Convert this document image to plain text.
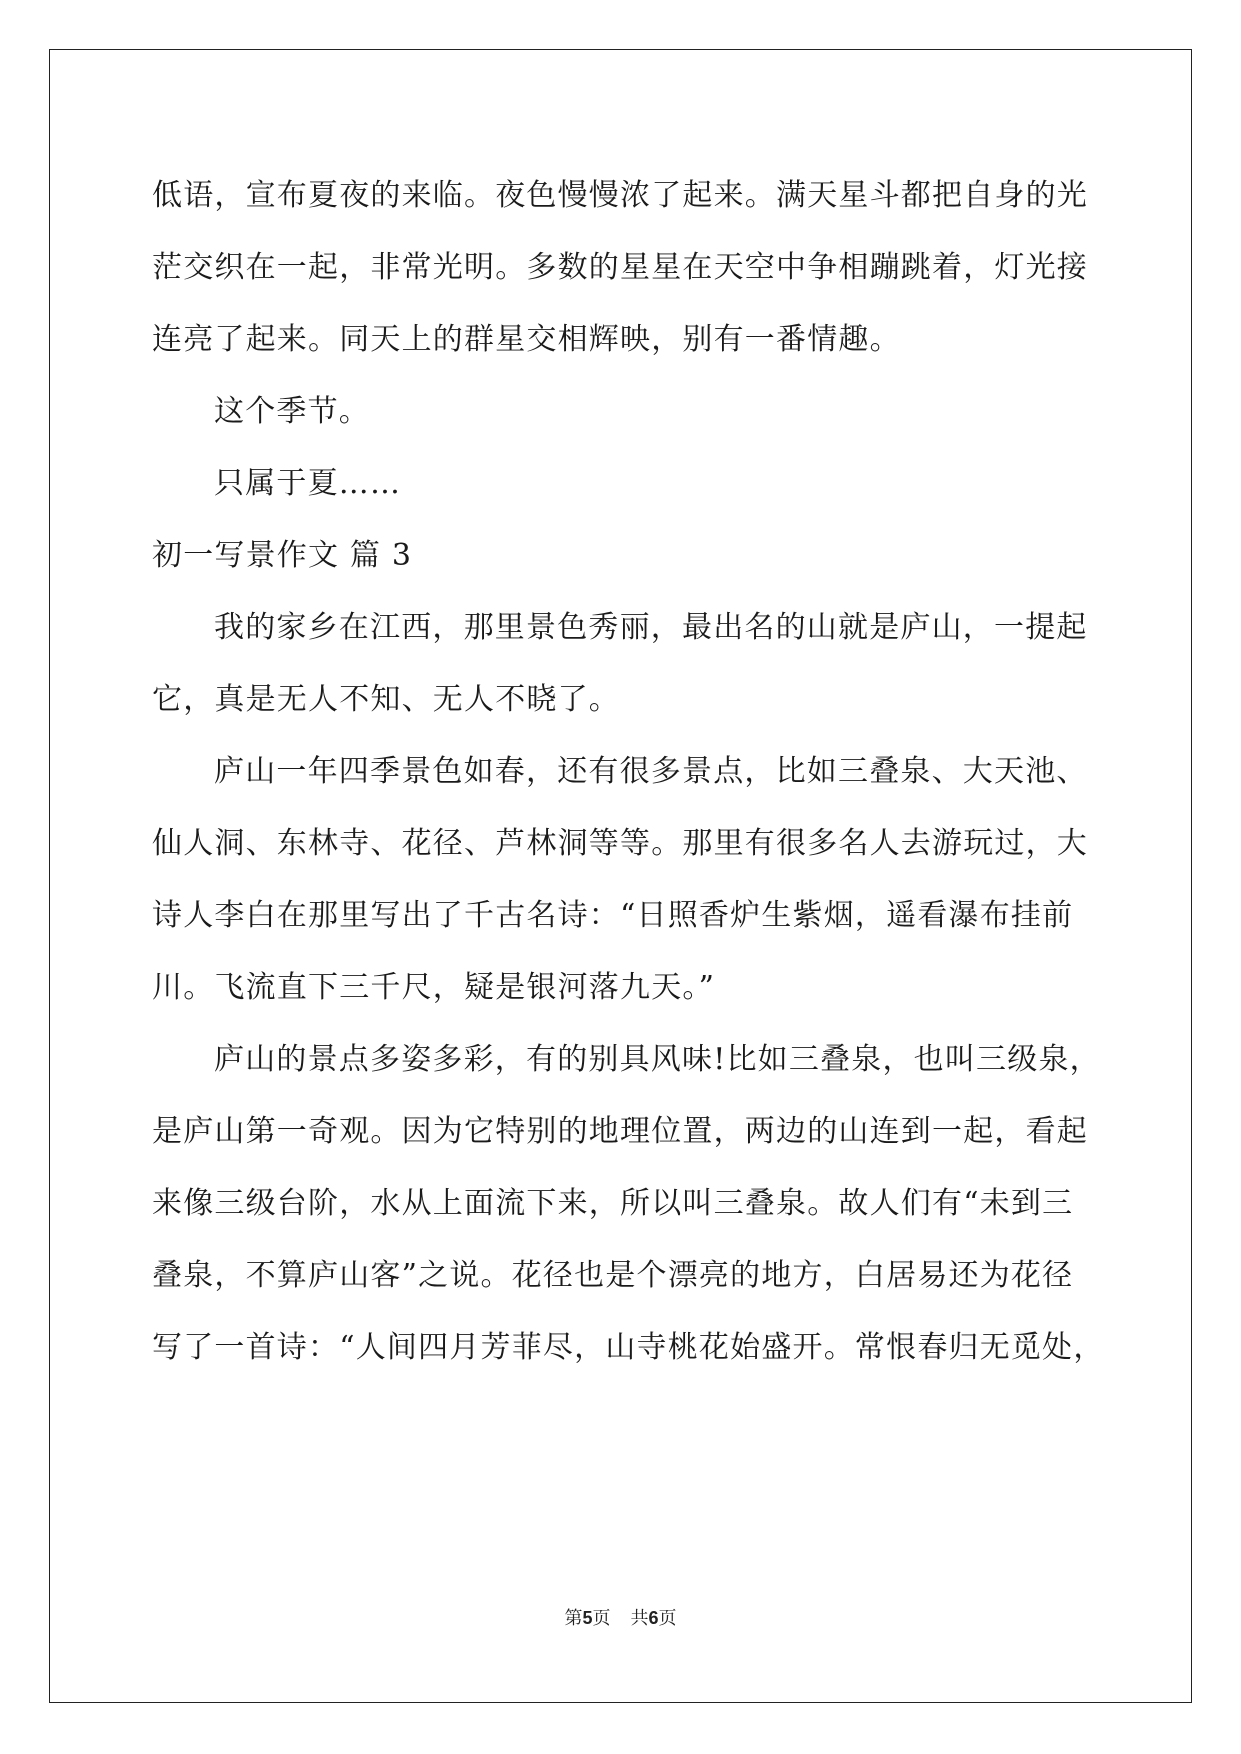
低语，宣布夏夜的来临。夜色慢慢浓了起来。满天星斗都把自身的光
茫交织在一起，非常光明。多数的星星在天空中争相蹦跳着，灯光接
连亮了起来。同天上的群星交相辉映，别有一番情趣。
这个季节。
只属于夏……
初一写景作文 篇 3
我的家乡在江西，那里景色秀丽，最出名的山就是庐山，一提起
它，真是无人不知、无人不晓了。
庐山一年四季景色如春，还有很多景点，比如三叠泉、大天池、
仙人洞、东林寺、花径、芦林洞等等。那里有很多名人去游玩过，大
诗人李白在那里写出了千古名诗：“日照香炉生紫烟，遥看瀑布挂前
川。飞流直下三千尺，疑是银河落九天。”
庐山的景点多姿多彩，有的别具风味!比如三叠泉，也叫三级泉，
是庐山第一奇观。因为它特别的地理位置，两边的山连到一起，看起
来像三级台阶，水从上面流下来，所以叫三叠泉。故人们有“未到三
叠泉，不算庐山客”之说。花径也是个漂亮的地方，白居易还为花径
写了一首诗：“人间四月芳菲尽，山寺桃花始盛开。常恨春归无觅处，
第5页 共6页
